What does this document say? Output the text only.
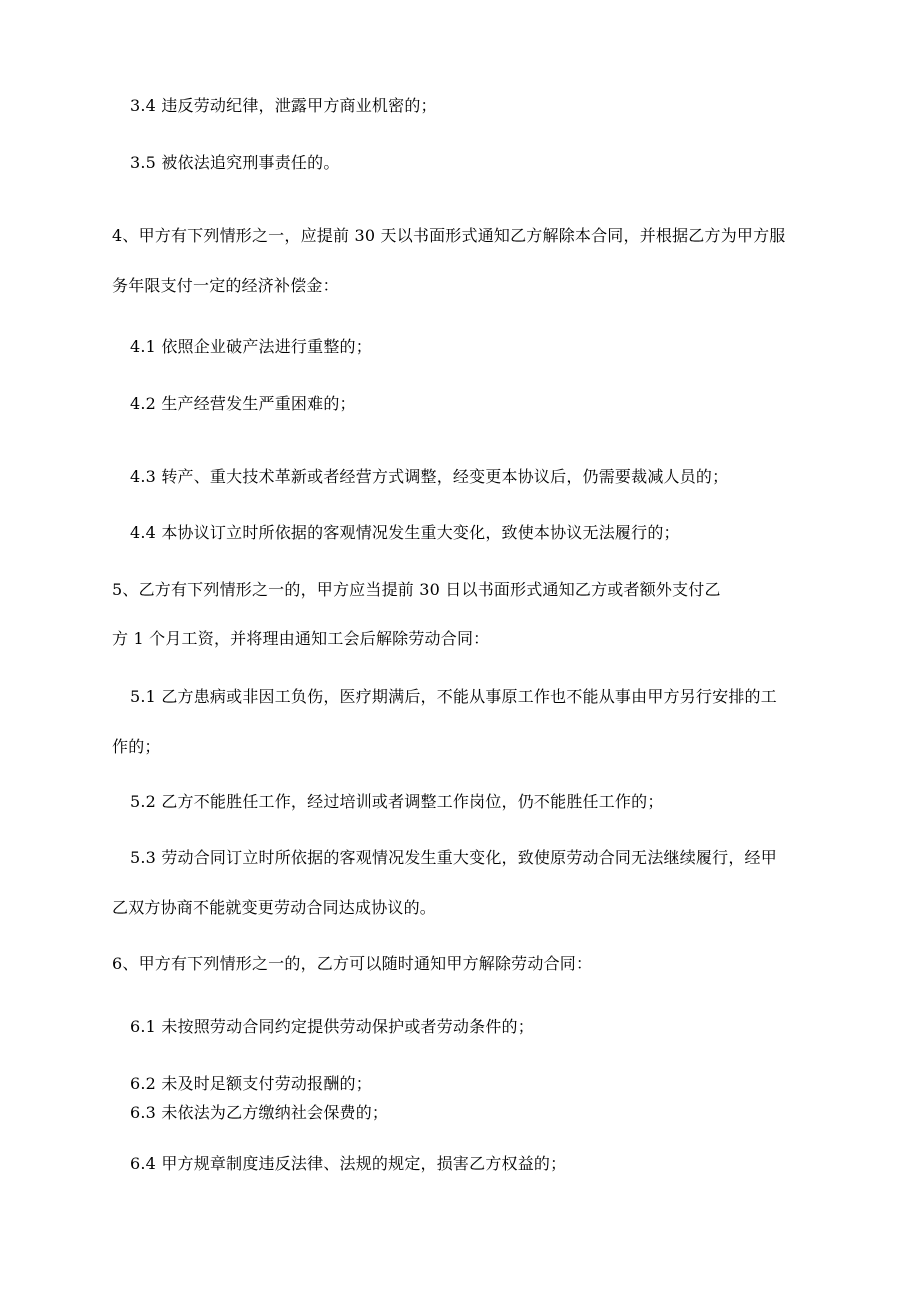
3.4 违反劳动纪律，泄露甲方商业机密的；
3.5 被依法追究刑事责任的。
4、甲方有下列情形之一，应提前 30 天以书面形式通知乙方解除本合同，并根据乙方为甲方服
务年限支付一定的经济补偿金：
4.1 依照企业破产法进行重整的；
4.2 生产经营发生严重困难的；
4.3 转产、重大技术革新或者经营方式调整，经变更本协议后，仍需要裁减人员的；
4.4 本协议订立时所依据的客观情况发生重大变化，致使本协议无法履行的；
5、乙方有下列情形之一的，甲方应当提前 30 日以书面形式通知乙方或者额外支付乙
方 1 个月工资，并将理由通知工会后解除劳动合同：
5.1 乙方患病或非因工负伤，医疗期满后，不能从事原工作也不能从事由甲方另行安排的工
作的；
5.2 乙方不能胜任工作，经过培训或者调整工作岗位，仍不能胜任工作的；
5.3 劳动合同订立时所依据的客观情况发生重大变化，致使原劳动合同无法继续履行，经甲
乙双方协商不能就变更劳动合同达成协议的。
6、甲方有下列情形之一的，乙方可以随时通知甲方解除劳动合同：
6.1 未按照劳动合同约定提供劳动保护或者劳动条件的；
6.2 未及时足额支付劳动报酬的；
6.3 未依法为乙方缴纳社会保费的；
6.4 甲方规章制度违反法律、法规的规定，损害乙方权益的；
